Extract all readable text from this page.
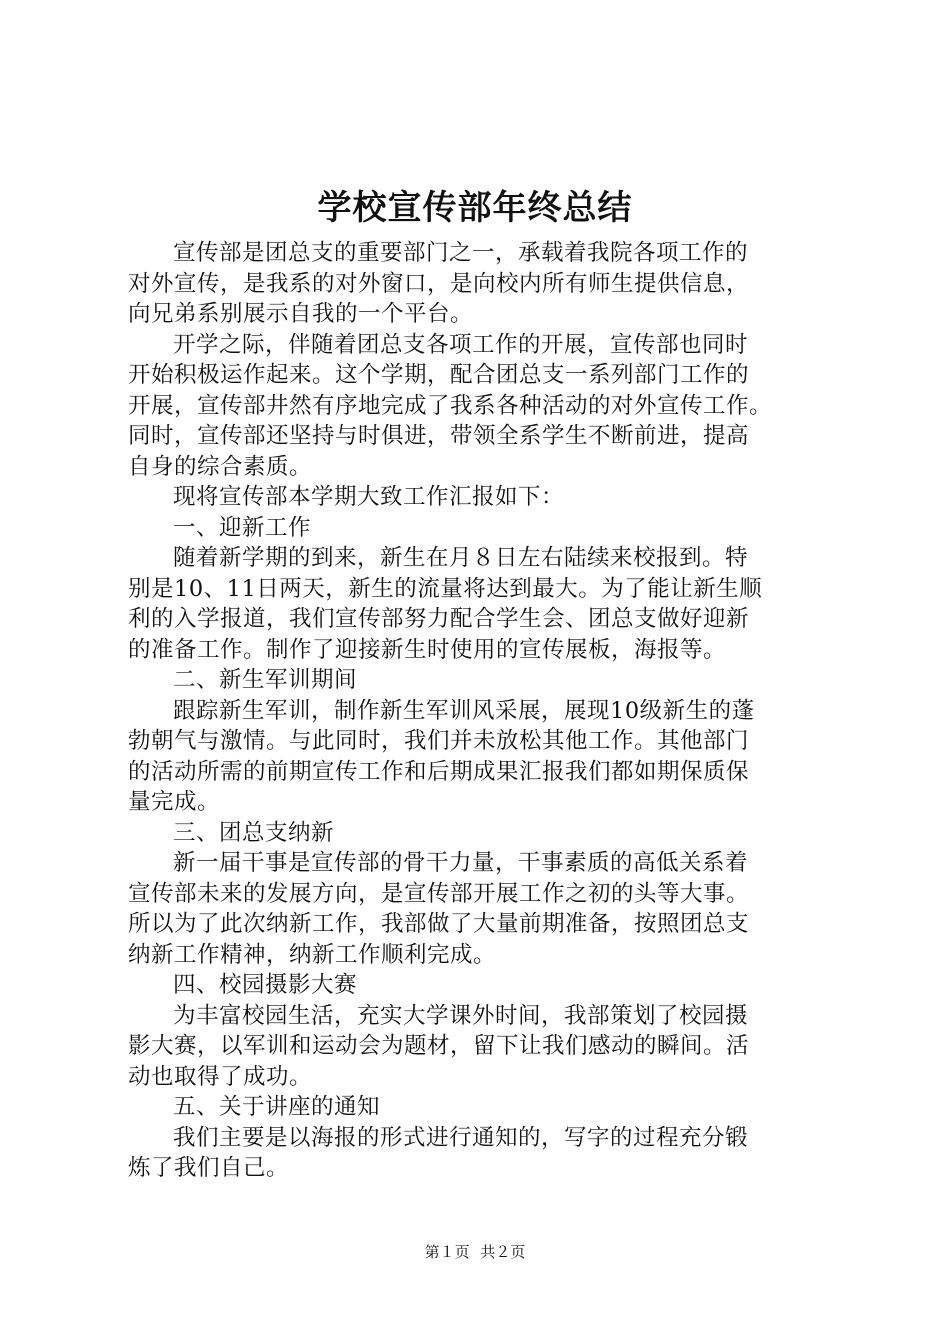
学校宣传部年终总结

宣传部是团总支的重要部门之一，承载着我院各项工作的
对外宣传，是我系的对外窗口，是向校内所有师生提供信息，
向兄弟系别展示自我的一个平台。

开学之际，伴随着团总支各项工作的开展，宣传部也同时
开始积极运作起来。这个学期，配合团总支一系列部门工作的
开展，宣传部井然有序地完成了我系各种活动的对外宣传工作。
同时，宣传部还坚持与时俱进，带领全系学生不断前进，提高
自身的综合素质。

现将宣传部本学期大致工作汇报如下：

一、迎新工作

随着新学期的到来，新生在月８日左右陆续来校报到。特
别是10、11日两天，新生的流量将达到最大。为了能让新生顺
利的入学报道，我们宣传部努力配合学生会、团总支做好迎新
的准备工作。制作了迎接新生时使用的宣传展板，海报等。

二、新生军训期间

跟踪新生军训，制作新生军训风采展，展现10级新生的蓬
勃朝气与激情。与此同时，我们并未放松其他工作。其他部门
的活动所需的前期宣传工作和后期成果汇报我们都如期保质保
量完成。

三、团总支纳新

新一届干事是宣传部的骨干力量，干事素质的高低关系着
宣传部未来的发展方向，是宣传部开展工作之初的头等大事。
所以为了此次纳新工作，我部做了大量前期准备，按照团总支
纳新工作精神，纳新工作顺利完成。

四、校园摄影大赛

为丰富校园生活，充实大学课外时间，我部策划了校园摄
影大赛，以军训和运动会为题材，留下让我们感动的瞬间。活
动也取得了成功。

五、关于讲座的通知

我们主要是以海报的形式进行通知的，写字的过程充分锻
炼了我们自己。

第１页 共２页
